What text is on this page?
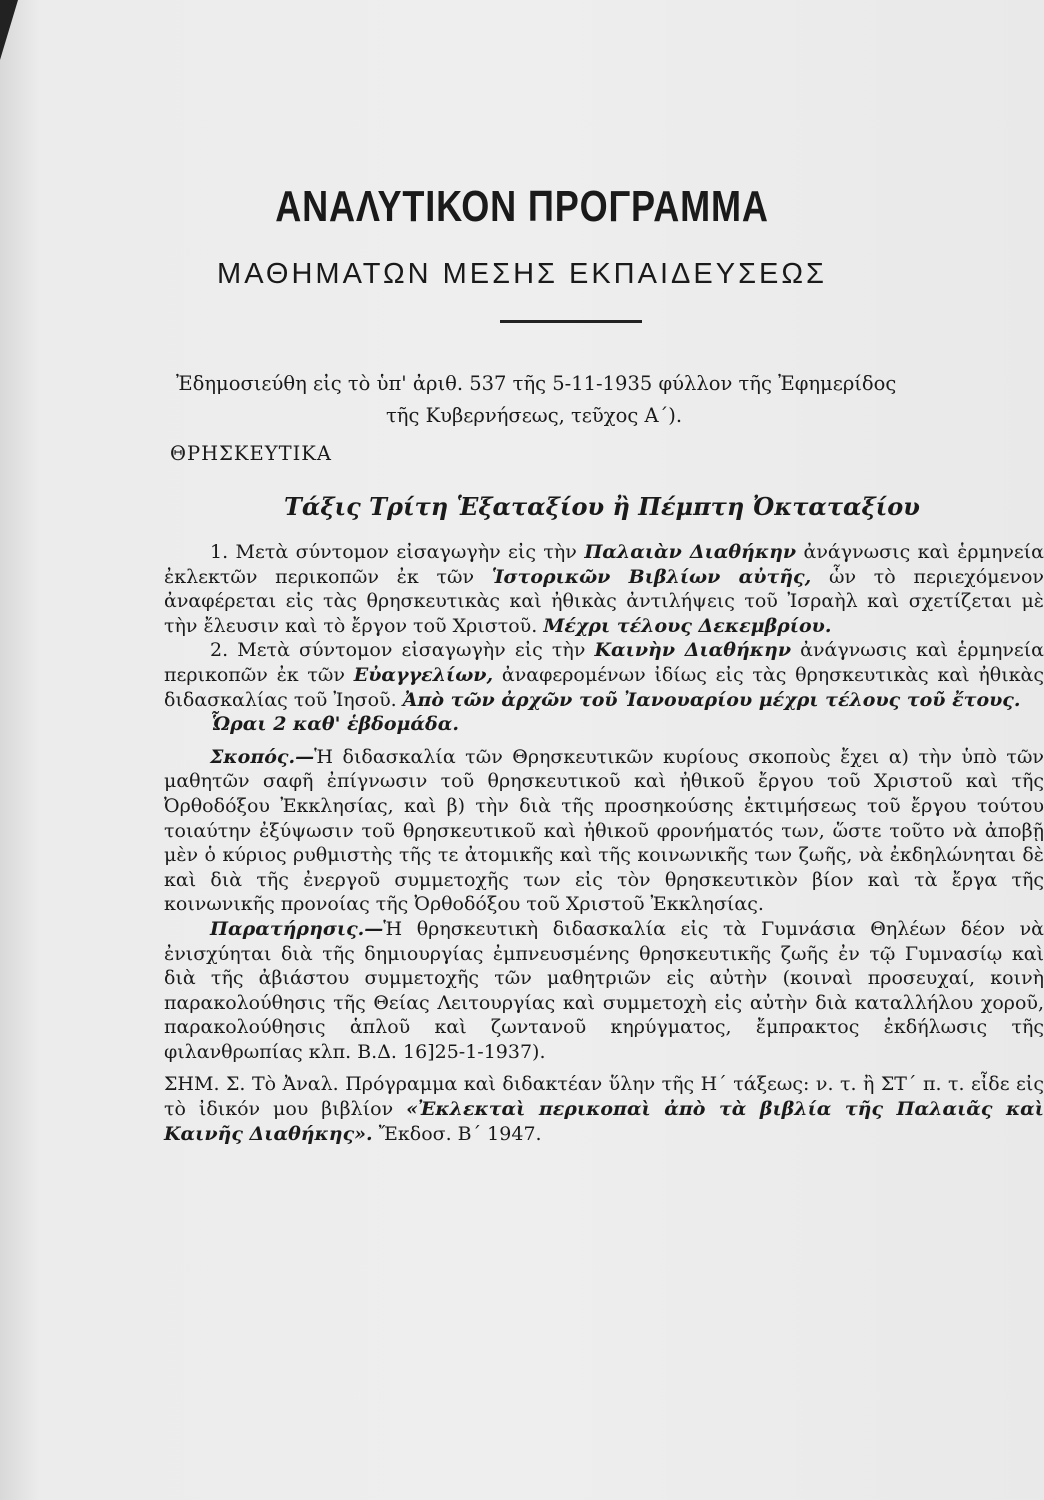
ΑΝΑΛΥΤΙΚΟΝ ΠΡΟΓΡΑΜΜΑ
ΜΑΘΗΜΑΤΩΝ ΜΕΣΗΣ ΕΚΠΑΙΔΕΥΣΕΩΣ
Ἐδημοσιεύθη εἰς τὸ ὑπ' ἀριθ. 537 τῆς 5-11-1935 φύλλον τῆς Ἐφημερίδος
τῆς Κυβερνήσεως, τεῦχος Α΄).
ΘΡΗΣΚΕΥΤΙΚΑ
Τάξις Τρίτη Ἑξαταξίου ἢ Πέμπτη Ὀκταταξίου

1. Μετὰ σύντομον εἰσαγωγὴν εἰς τὴν Παλαιὰν Διαθήκην ἀνάγνωσις καὶ ἑρμηνεία ἐκλεκτῶν περικοπῶν ἐκ τῶν Ἱστορικῶν Βιβλίων αὐτῆς, ὧν τὸ περιεχόμενον ἀναφέρεται εἰς τὰς θρησκευτικὰς καὶ ἠθικὰς ἀντιλήψεις τοῦ Ἰσραὴλ καὶ σχετίζεται μὲ τὴν ἔλευσιν καὶ τὸ ἔργον τοῦ Χριστοῦ. Μέχρι τέλους Δεκεμβρίου.

2. Μετὰ σύντομον εἰσαγωγὴν εἰς τὴν Καινὴν Διαθήκην ἀνάγνωσις καὶ ἑρμηνεία περικοπῶν ἐκ τῶν Εὐαγγελίων, ἀναφερομένων ἰδίως εἰς τὰς θρησκευτικὰς καὶ ἠθικὰς διδασκαλίας τοῦ Ἰησοῦ. Ἀπὸ τῶν ἀρχῶν τοῦ Ἰανουαρίου μέχρι τέλους τοῦ ἔτους.

Ὧραι 2 καθ' ἑβδομάδα.

Σκοπός.—Ἡ διδασκαλία τῶν Θρησκευτικῶν κυρίους σκοποὺς ἔχει α) τὴν ὑπὸ τῶν μαθητῶν σαφῆ ἐπίγνωσιν τοῦ θρησκευτικοῦ καὶ ἠθικοῦ ἔργου τοῦ Χριστοῦ καὶ τῆς Ὀρθοδόξου Ἐκκλησίας, καὶ β) τὴν διὰ τῆς προσηκούσης ἐκτιμήσεως τοῦ ἔργου τούτου τοιαύτην ἐξύψωσιν τοῦ θρησκευτικοῦ καὶ ἠθικοῦ φρονήματός των, ὥστε τοῦτο νὰ ἀποβῇ μὲν ὁ κύριος ρυθμιστὴς τῆς τε ἀτομικῆς καὶ τῆς κοινωνικῆς των ζωῆς, νὰ ἐκδηλώνηται δὲ καὶ διὰ τῆς ἐνεργοῦ συμμετοχῆς των εἰς τὸν θρησκευτικὸν βίον καὶ τὰ ἔργα τῆς κοινωνικῆς προνοίας τῆς Ὀρθοδόξου τοῦ Χριστοῦ Ἐκκλησίας.

Παρατήρησις.—Ἡ θρησκευτικὴ διδασκαλία εἰς τὰ Γυμνάσια Θηλέων δέον νὰ ἐνισχύηται διὰ τῆς δημιουργίας ἐμπνευσμένης θρησκευτικῆς ζωῆς ἐν τῷ Γυμνασίῳ καὶ διὰ τῆς ἀβιάστου συμμετοχῆς τῶν μαθητριῶν εἰς αὐτὴν (κοιναὶ προσευχαί, κοινὴ παρακολούθησις τῆς Θείας Λειτουργίας καὶ συμμετοχὴ εἰς αὐτὴν διὰ καταλλήλου χοροῦ, παρακολούθησις ἁπλοῦ καὶ ζωντανοῦ κηρύγματος, ἔμπρακτος ἐκδήλωσις τῆς φιλανθρωπίας κλπ. Β.Δ. 16]25-1-1937).

ΣΗΜ. Σ. Τὸ Ἀναλ. Πρόγραμμα καὶ διδακτέαν ὕλην τῆς Η΄ τάξεως: ν. τ. ἢ ΣΤ΄ π. τ. εἶδε εἰς τὸ ἰδικόν μου βιβλίον «Ἐκλεκταὶ περικοπαὶ ἀπὸ τὰ βιβλία τῆς Παλαιᾶς καὶ Καινῆς Διαθήκης». Ἔκδοσ. Β΄ 1947.
